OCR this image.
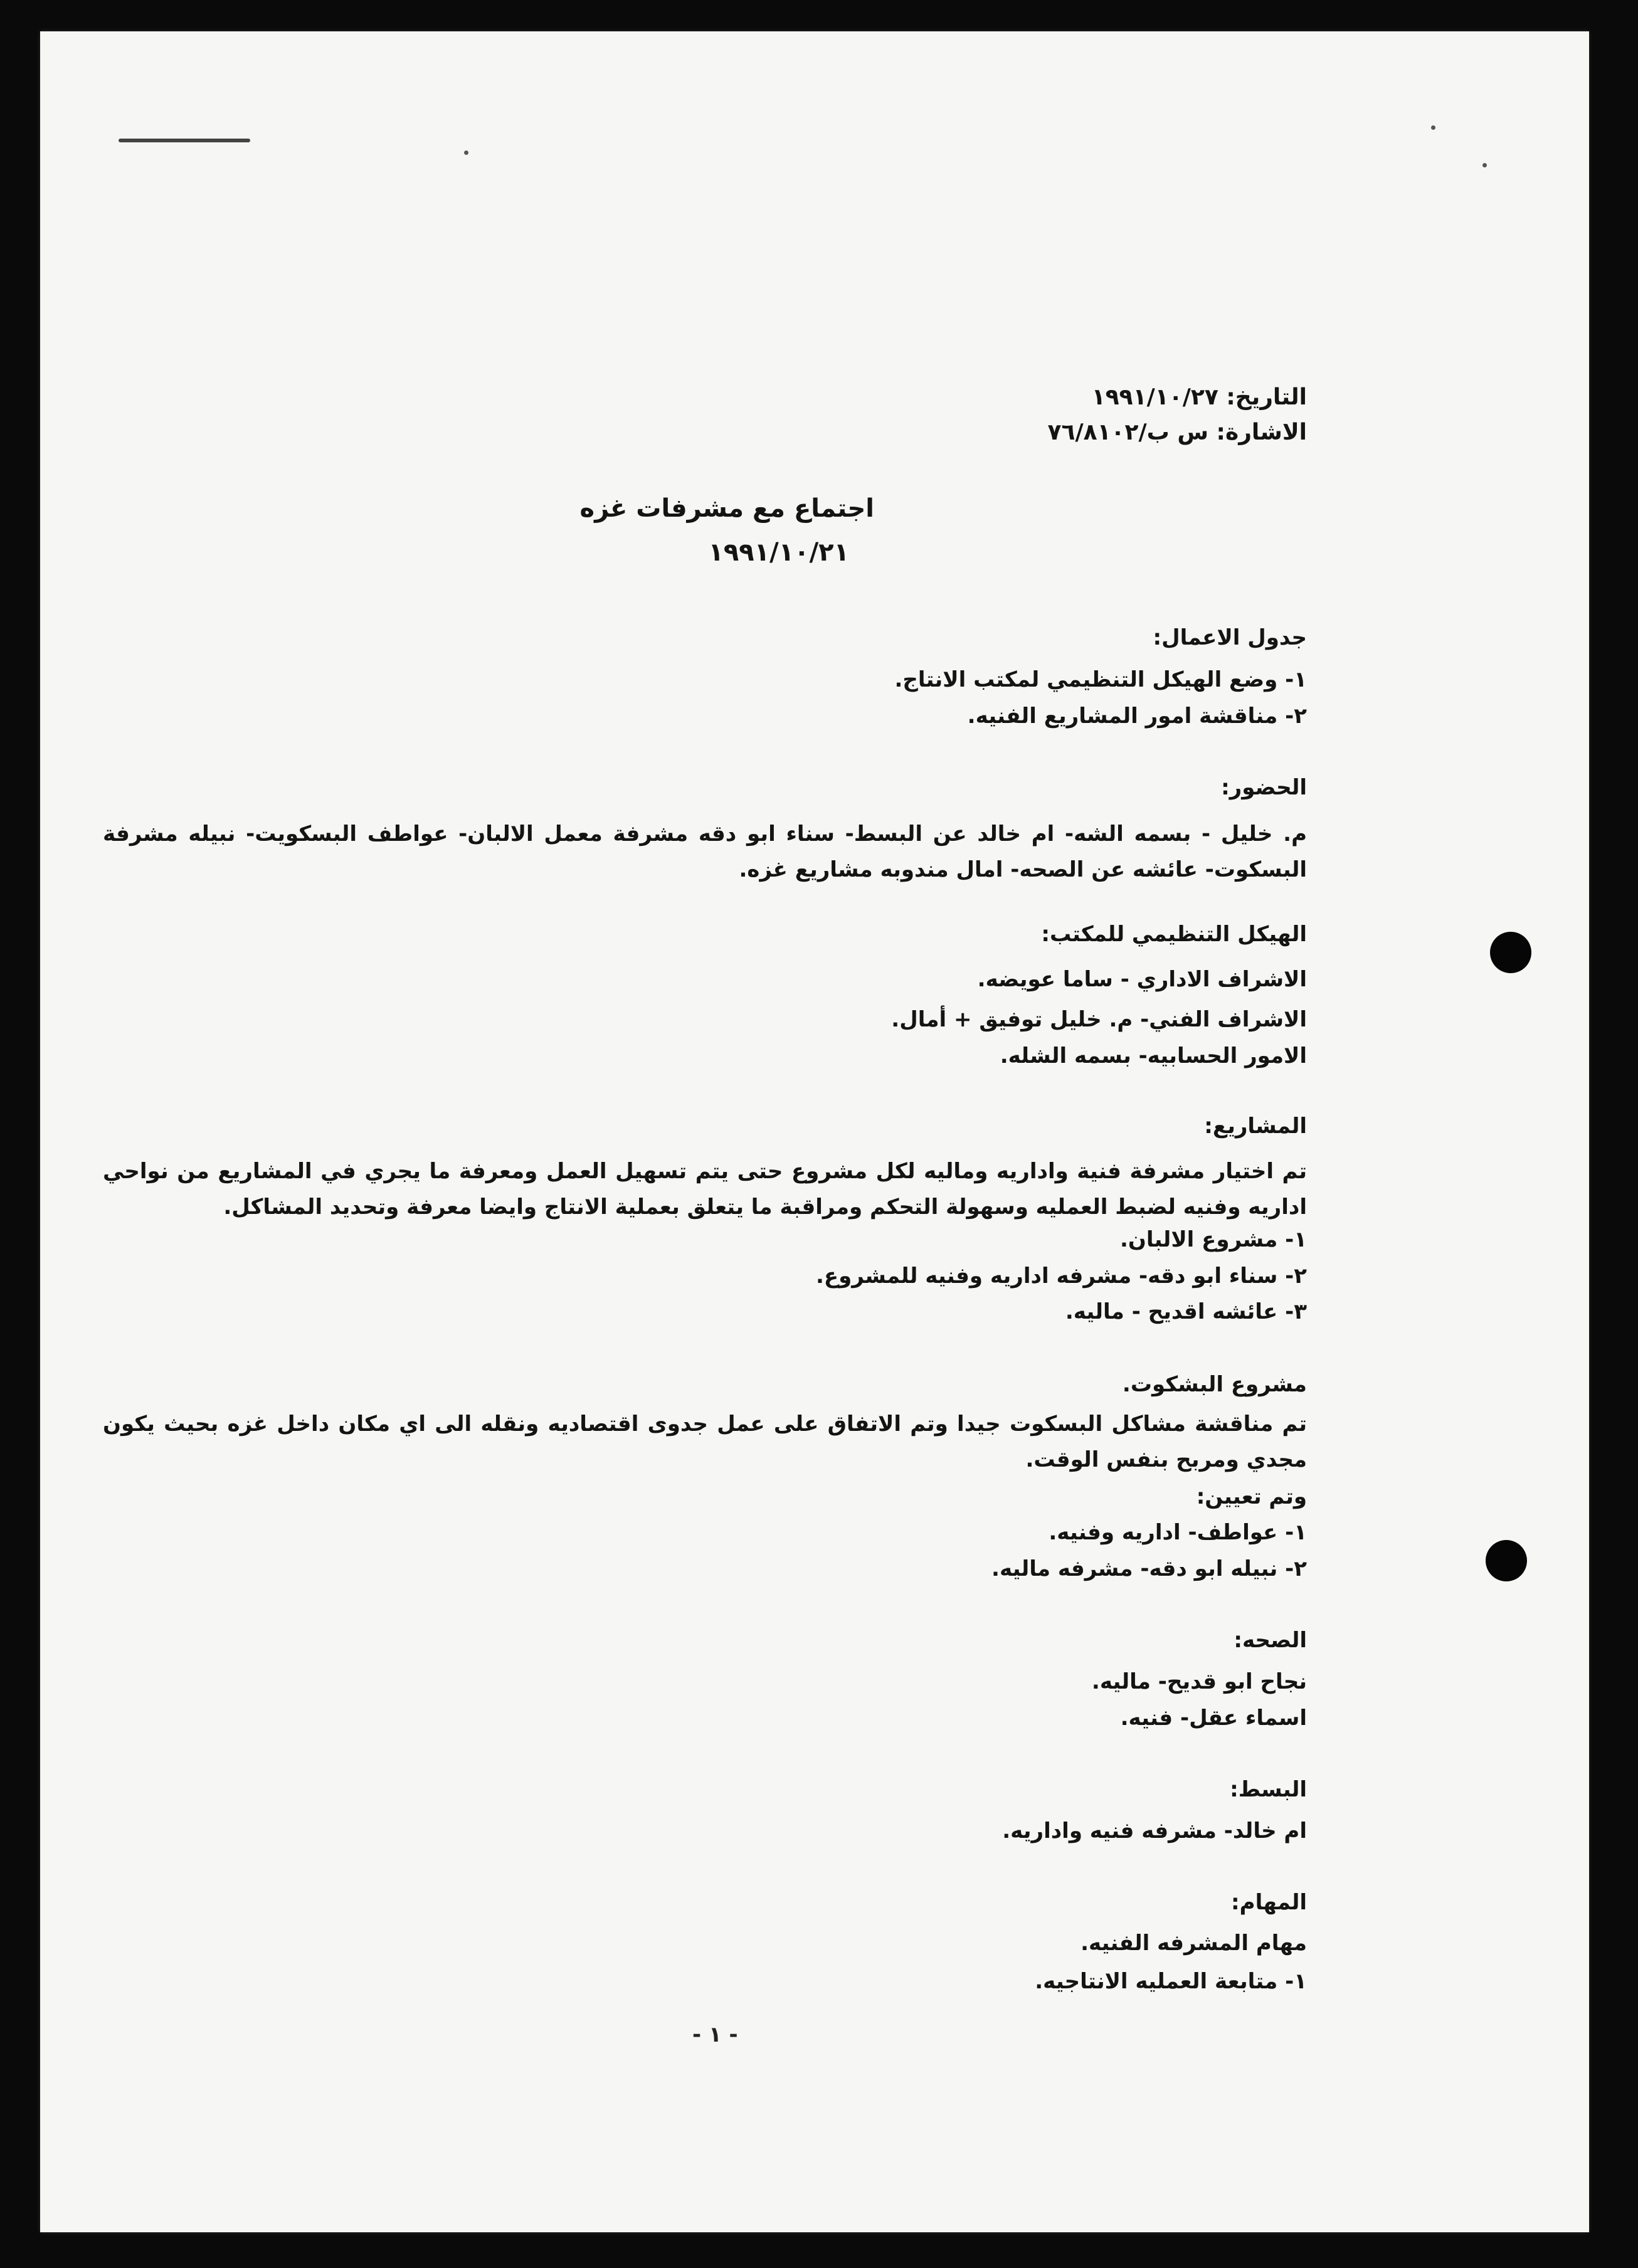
التاريخ: ١٩٩١/١٠/٢٧
الاشارة: س ب/٧٦/٨١٠٢
اجتماع مع مشرفات غزه
١٩٩١/١٠/٢١
جدول الاعمال:
١- وضع الهيكل التنظيمي لمكتب الانتاج.
٢- مناقشة امور المشاريع الفنيه.
الحضور:
م. خليل - بسمه الشه- ام خالد عن البسط- سناء ابو دقه مشرفة معمل الالبان- عواطف البسكويت- نبيله مشرفة البسكوت- عائشه عن الصحه- امال مندوبه مشاريع غزه.
الهيكل التنظيمي للمكتب:
الاشراف الاداري - ساما عويضه.
الاشراف الفني- م. خليل توفيق + أمال.
الامور الحسابيه- بسمه الشله.
المشاريع:
تم اختيار مشرفة فنية واداريه وماليه لكل مشروع حتى يتم تسهيل العمل ومعرفة ما يجري في المشاريع من نواحي اداريه وفنيه لضبط العمليه وسهولة التحكم ومراقبة ما يتعلق بعملية الانتاج وايضا معرفة وتحديد المشاكل.
١- مشروع الالبان.
٢- سناء ابو دقه- مشرفه اداريه وفنيه للمشروع.
٣- عائشه اقديح - ماليه.
مشروع البشكوت.
تم مناقشة مشاكل البسكوت جيدا وتم الاتفاق على عمل جدوى اقتصاديه ونقله الى اي مكان داخل غزه بحيث يكون مجدي ومربح بنفس الوقت.
وتم تعيين:
١- عواطف- اداريه وفنيه.
٢- نبيله ابو دقه- مشرفه ماليه.
الصحه:
نجاح ابو قديح- ماليه.
اسماء عقل- فنيه.
البسط:
ام خالد- مشرفه فنيه واداريه.
المهام:
مهام المشرفه الفنيه.
١- متابعة العمليه الانتاجيه.
- ١ -
